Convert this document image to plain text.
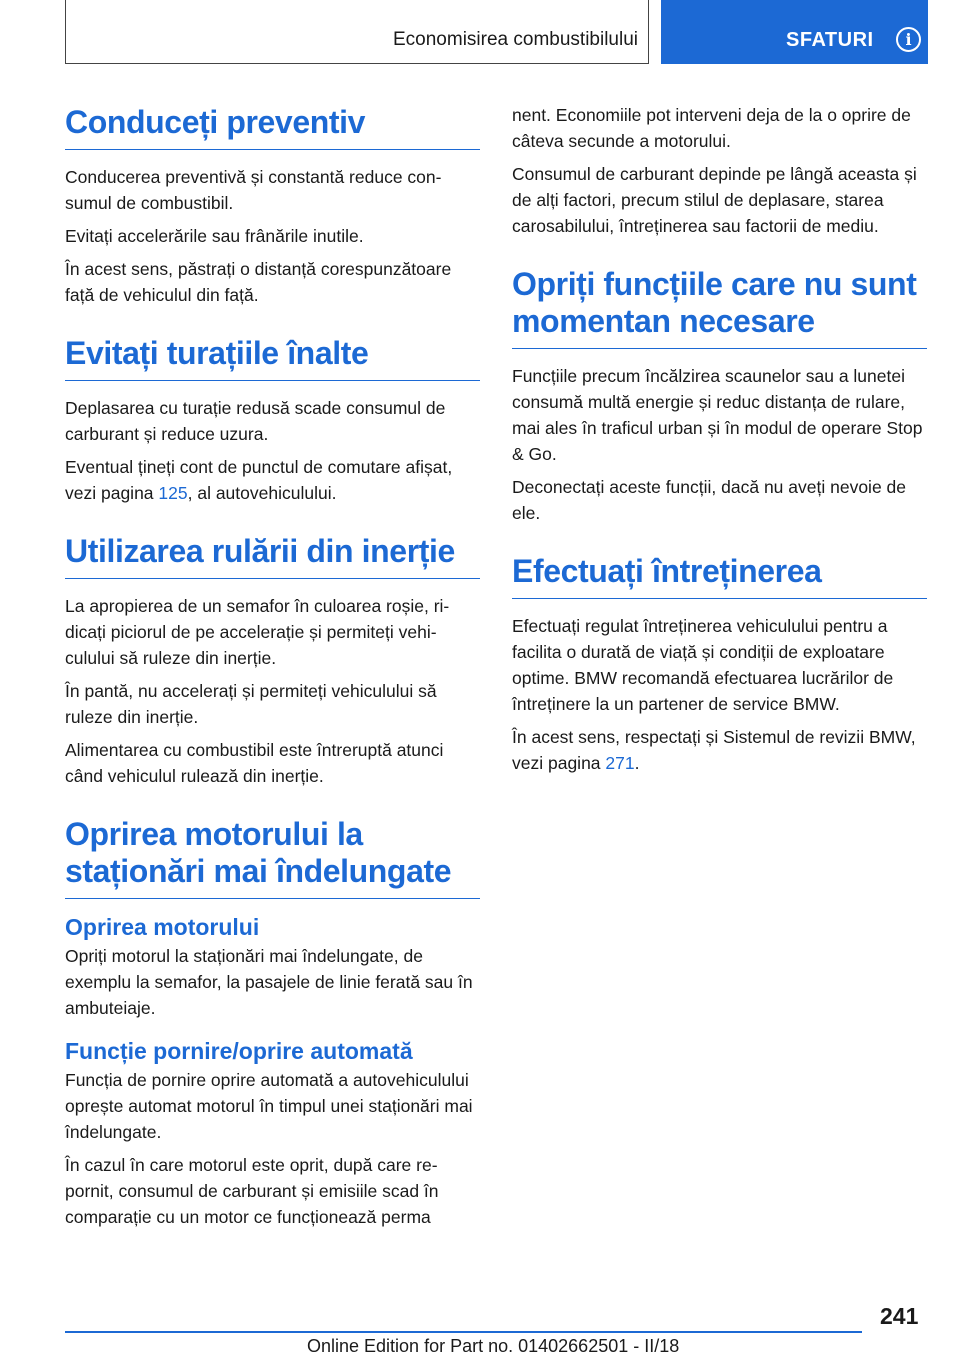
Economisirea combustibilului	SFATURI	i
Conduceți preventiv

Conducerea preventivă și constantă reduce consumul de combustibil.

Evitați accelerările sau frânările inutile.

În acest sens, păstrați o distanță corespunzătoare față de vehiculul din față.

Evitați turațiile înalte

Deplasarea cu turație redusă scade consumul de carburant și reduce uzura.

Eventual țineți cont de punctul de comutare afișat, vezi pagina 125, al autovehiculului.

Utilizarea rulării din inerție

La apropierea de un semafor în culoarea roșie, ridicați piciorul de pe accelerație și permiteți vehiculului să ruleze din inerție.

În pantă, nu accelerați și permiteți vehiculului să ruleze din inerție.

Alimentarea cu combustibil este întreruptă atunci când vehiculul rulează din inerție.

Oprirea motorului la staționări mai îndelungate
Oprirea motorului

Opriți motorul la staționări mai îndelungate, de exemplu la semafor, la pasajele de linie ferată sau în ambuteiaje.

Funcție pornire/oprire automată

Funcția de pornire oprire automată a autovehiculului oprește automat motorul în timpul unei staționări mai îndelungate.

În cazul în care motorul este oprit, după care repornit, consumul de carburant și emisiile scad în comparație cu un motor ce funcționează perma

nent. Economiile pot interveni deja de la o oprire de câteva secunde a motorului.

Consumul de carburant depinde pe lângă aceasta și de alți factori, precum stilul de deplasare, starea carosabilului, întreținerea sau factorii de mediu.

Opriți funcțiile care nu sunt momentan necesare

Funcțiile precum încălzirea scaunelor sau a lunetei consumă multă energie și reduc distanța de rulare, mai ales în traficul urban și în modul de operare Stop & Go.

Deconectați aceste funcții, dacă nu aveți nevoie de ele.

Efectuați întreținerea

Efectuați regulat întreținerea vehiculului pentru a facilita o durată de viață și condiții de exploatare optime. BMW recomandă efectuarea lucrărilor de întreținere la un partener de service BMW.

În acest sens, respectați și Sistemul de revizii BMW, vezi pagina 271.

241
Online Edition for Part no. 01402662501 - II/18
